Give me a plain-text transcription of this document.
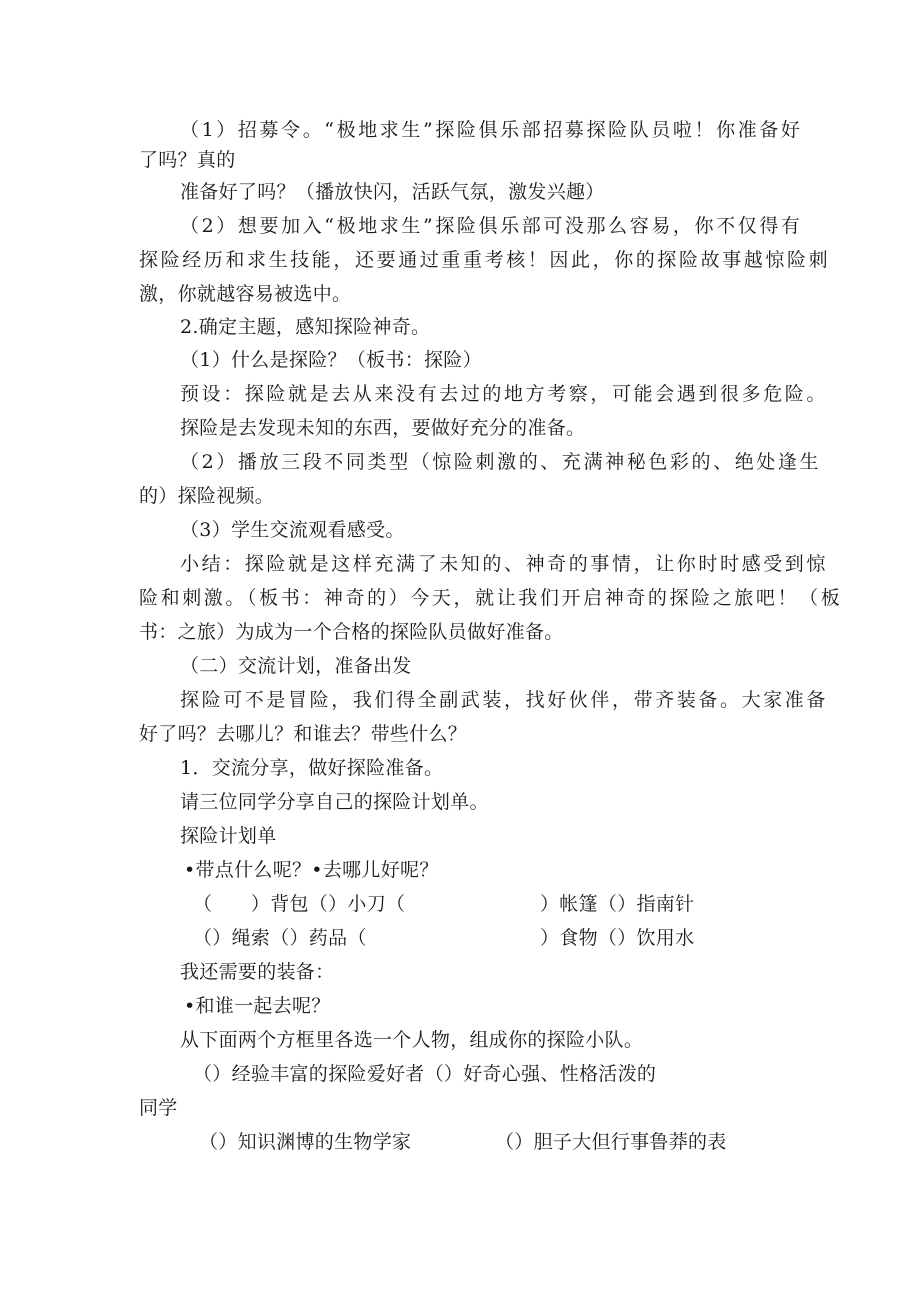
（1）招募令。“极地求生”探险俱乐部招募探险队员啦！你准备好
了吗？真的
准备好了吗？（播放快闪，活跃气氛，激发兴趣）
（2）想要加入“极地求生”探险俱乐部可没那么容易，你不仅得有
探险经历和求生技能，还要通过重重考核！因此，你的探险故事越惊险刺
激，你就越容易被选中。
2.确定主题，感知探险神奇。
（1）什么是探险？（板书：探险）
预设：探险就是去从来没有去过的地方考察，可能会遇到很多危险。
探险是去发现未知的东西，要做好充分的准备。
（2）播放三段不同类型（惊险刺激的、充满神秘色彩的、绝处逢生
的）探险视频。
（3）学生交流观看感受。
小结：探险就是这样充满了未知的、神奇的事情，让你时时感受到惊
险和刺激。（板书：神奇的）今天，就让我们开启神奇的探险之旅吧！（板
书：之旅）为成为一个合格的探险队员做好准备。
（二）交流计划，准备出发
探险可不是冒险，我们得全副武装，找好伙伴，带齐装备。大家准备
好了吗？去哪儿？和谁去？带些什么？
1．交流分享，做好探险准备。
请三位同学分享自己的探险计划单。
探险计划单
•带点什么呢？•去哪儿好呢？
（　　）背包（）小刀（	）帐篷（）指南针
（）绳索（）药品（	）食物（）饮用水
我还需要的装备：
•和谁一起去呢？
从下面两个方框里各选一个人物，组成你的探险小队。
（）经验丰富的探险爱好者（）好奇心强、性格活泼的
同学
（）知识渊博的生物学家	（）胆子大但行事鲁莽的表
